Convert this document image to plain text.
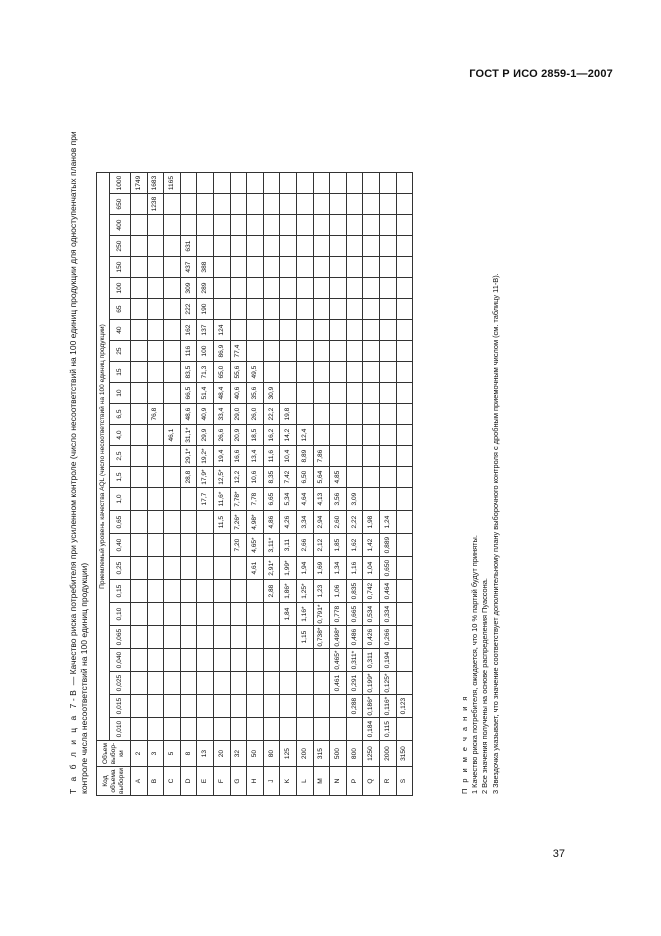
ГОСТ Р ИСО 2859-1—2007
Т а б л и ц а 7-В — Качество риска потребителя при усиленном контроле (число несоответствий на 100 единиц продукции для одноступенчатых планов при контроле числа несоответствий на 100 единиц продукции) Код объема выборки	Объем выбор-ки	Приемлемый уровень качества AQL (число несоответствий на 100 единиц продукции)																									
		0,010	0,015	0,025	0,040	0,065	0,10	0,15	0,25	0,40	0,65	1,0	1,5	2,5	4,0	6,5	10	15	25	40	65	100	150	250	400	650	1000
A	2																										1749
B	3															76,8										1238	1683
C	5														46,1												1165
D	8												28,8	29,1*	31,1*	48,6	66,5	83,5	116	162	222	309	437	631			
E	13											17,7	17,9*	19,2*	29,9	40,9	51,4	71,3	100	137	190	289	388				
F	20										11,5	11,6*	12,5*	19,4	26,6	33,4	48,4	65,0	86,9	124							
G	32									7,20	7,26*	7,78*	12,2	16,6	20,9	29,0	40,6	55,6	77,4								
H	50								4,61	4,65*	4,98*	7,78	10,6	13,4	18,5	26,0	35,6	49,5									
J	80							2,88	2,91*	3,11*	4,86	6,65	8,35	11,6	16,2	22,2	30,9										
K	125						1,84	1,86*	1,99*	3,11	4,26	5,34	7,42	10,4	14,2	19,8											
L	200					1,15	1,16*	1,25*	1,94	2,66	3,34	4,64	6,50	8,89	12,4												
M	315					0,738*	0,791*	1,23	1,69	2,12	2,94	4,13	5,64	7,86													
N	500			0,461	0,465*	0,498*	0,778	1,06	1,34	1,85	2,60	3,56	4,85														
P	800		0,288	0,291	0,311*	0,486	0,665	0,835	1,16	1,62	2,22	3,09															
Q	1250	0,184	0,186*	0,199*	0,311	0,426	0,534	0,742	1,04	1,42	1,98																
R	2000	0,115	0,116*	0,125*	0,194	0,266	0,334	0,464	0,650	0,889	1,24																
S	3150		0,123																									П р и м е ч а н и я 1 Качество риска потребителя, ожидается, что 10 % партий будут приняты. 2 Все значения получены на основе распределения Пуассона. 3 Звездочка указывает, что значение соответствует дополнительному плану выборочного контроля с дробным приемочным числом (см. таблицу 11-В).
37
